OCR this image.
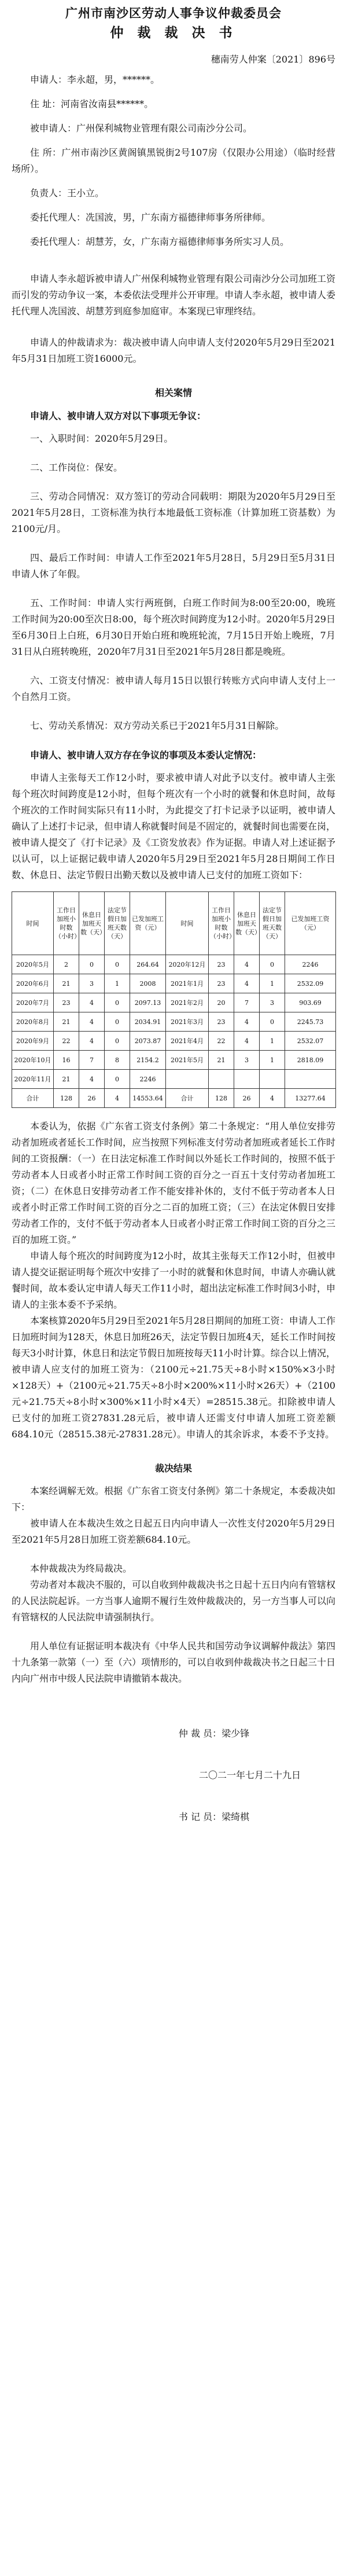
广州市南沙区劳动人事争议仲裁委员会
仲 裁 裁 决 书

穗南劳人仲案〔2021〕896号

申请人：李永超，男，******。

住 址：河南省汝南县******。

被申请人：广州保利城物业管理有限公司南沙分公司。

住 所：广州市南沙区黄阁镇黑锐街2号107房（仅限办公用途）（临时经营场所）。

负责人：王小立。

委托代理人：冼国波，男，广东南方福德律师事务所律师。

委托代理人：胡慧芳，女，广东南方福德律师事务所实习人员。

申请人李永超诉被申请人广州保利城物业管理有限公司南沙分公司加班工资而引发的劳动争议一案，本委依法受理并公开审理。申请人李永超，被申请人委托代理人冼国波、胡慧芳到庭参加庭审。本案现已审理终结。

申请人的仲裁请求为：裁决被申请人向申请人支付2020年5月29日至2021年5月31日加班工资16000元。

相关案情

申请人、被申请人双方对以下事项无争议：

一、入职时间：2020年5月29日。

二、工作岗位：保安。

三、劳动合同情况：双方签订的劳动合同载明：期限为2020年5月29日至2021年5月28日，工资标准为执行本地最低工资标准（计算加班工资基数）为2100元/月。

四、最后工作时间：申请人工作至2021年5月28日，5月29日至5月31日申请人休了年假。

五、工作时间：申请人实行两班倒，白班工作时间为8:00至20:00，晚班工作时间为20:00至次日8:00，每个班次时间跨度为12小时。2020年5月29日至6月30日上白班，6月30日开始白班和晚班轮流，7月15日开始上晚班，7月31日从白班转晚班，2020年7月31日至2021年5月28日都是晚班。

六、工资支付情况：被申请人每月15日以银行转账方式向申请人支付上一个自然月工资。

七、劳动关系情况：双方劳动关系已于2021年5月31日解除。

申请人、被申请人双方存在争议的事项及本委认定情况：

申请人主张每天工作12小时，要求被申请人对此予以支付。被申请人主张每个班次时间跨度是12小时，但每个班次有一个小时的就餐和休息时间，故每个班次的工作时间实际只有11小时，为此提交了打卡记录予以证明，被申请人确认了上述打卡记录，但申请人称就餐时间是不固定的，就餐时间也需要在岗，被申请人提交了《打卡记录》及《工资发放表》作为证据。申请人对上述证据予以认可，以上证据记载申请人2020年5月29日至2021年5月28日期间工作日数、休息日、法定节假日出勤天数以及被申请人已支付的加班工资如下：

时间	工作日加班小时数（小时）	休息日加班天数（天）	法定节假日加班天数（天）	已发加班工资（元）	时间	工作日加班小时数（小时）	休息日加班天数（天）	法定节假日加班天数（天）	已发加班工资（元）
2020年5月	2	0	0	264.64	2020年12月	23	4	0	2246
2020年6月	21	3	1	2008	2021年1月	23	4	1	2532.09
2020年7月	23	4	0	2097.13	2021年2月	20	7	3	903.69
2020年8月	21	4	0	2034.91	2021年3月	23	4	0	2245.73
2020年9月	22	4	0	2073.87	2021年4月	22	4	1	2532.07
2020年10月	16	7	8	2154.2	2021年5月	21	3	1	2818.09
2020年11月	21	4	0	2246					
合计	128	26	4	14553.64	合计	128	26	4	13277.64

本委认为，依据《广东省工资支付条例》第二十条规定：“用人单位安排劳动者加班或者延长工作时间，应当按照下列标准支付劳动者加班或者延长工作时间的工资报酬：（一）在日法定标准工作时间以外延长工作时间的，按照不低于劳动者本人日或者小时正常工作时间工资的百分之一百五十支付劳动者加班工资；（二）在休息日安排劳动者工作不能安排补休的，支付不低于劳动者本人日或者小时正常工作时间工资的百分之二百的加班工资；（三）在法定休假日安排劳动者工作的，支付不低于劳动者本人日或者小时正常工作时间工资的百分之三百的加班工资。”

申请人每个班次的时间跨度为12小时，故其主张每天工作12小时，但被申请人提交证据证明每个班次中安排了一小时的就餐和休息时间，申请人亦确认就餐时间，故本委认定申请人每天工作11小时，超出法定标准工作时间3小时，申请人的主张本委不予采纳。

本案核算2020年5月29日至2021年5月28日期间的加班工资：申请人工作日加班时间为128天，休息日加班26天，法定节假日加班4天，延长工作时间按每天3小时计算，休息日和法定节假日加班按每天11小时计算。综合以上情况，被申请人应支付的加班工资为：（2100元÷21.75天÷8小时×150%×3小时×128天）+（2100元÷21.75天÷8小时×200%×11小时×26天）+（2100元÷21.75天÷8小时×300%×11小时×4天）=28515.38元。扣除被申请人已支付的加班工资27831.28元后，被申请人还需支付申请人加班工资差额684.10元（28515.38元-27831.28元）。申请人的其余诉求，本委不予支持。

裁决结果

本案经调解无效。根据《广东省工资支付条例》第二十条规定，本委裁决如下：

被申请人在本裁决生效之日起五日内向申请人一次性支付2020年5月29日至2021年5月28日加班工资差额684.10元。

本仲裁裁决为终局裁决。

劳动者对本裁决不服的，可以自收到仲裁裁决书之日起十五日内向有管辖权的人民法院起诉。一方当事人逾期不履行生效仲裁裁决的，另一方当事人可以向有管辖权的人民法院申请强制执行。

用人单位有证据证明本裁决有《中华人民共和国劳动争议调解仲裁法》第四十九条第一款第（一）至（六）项情形的，可以自收到仲裁裁决书之日起三十日内向广州市中级人民法院申请撤销本裁决。

仲 裁 员：梁少锋

二〇二一年七月二十九日

书 记 员：梁绮棋
